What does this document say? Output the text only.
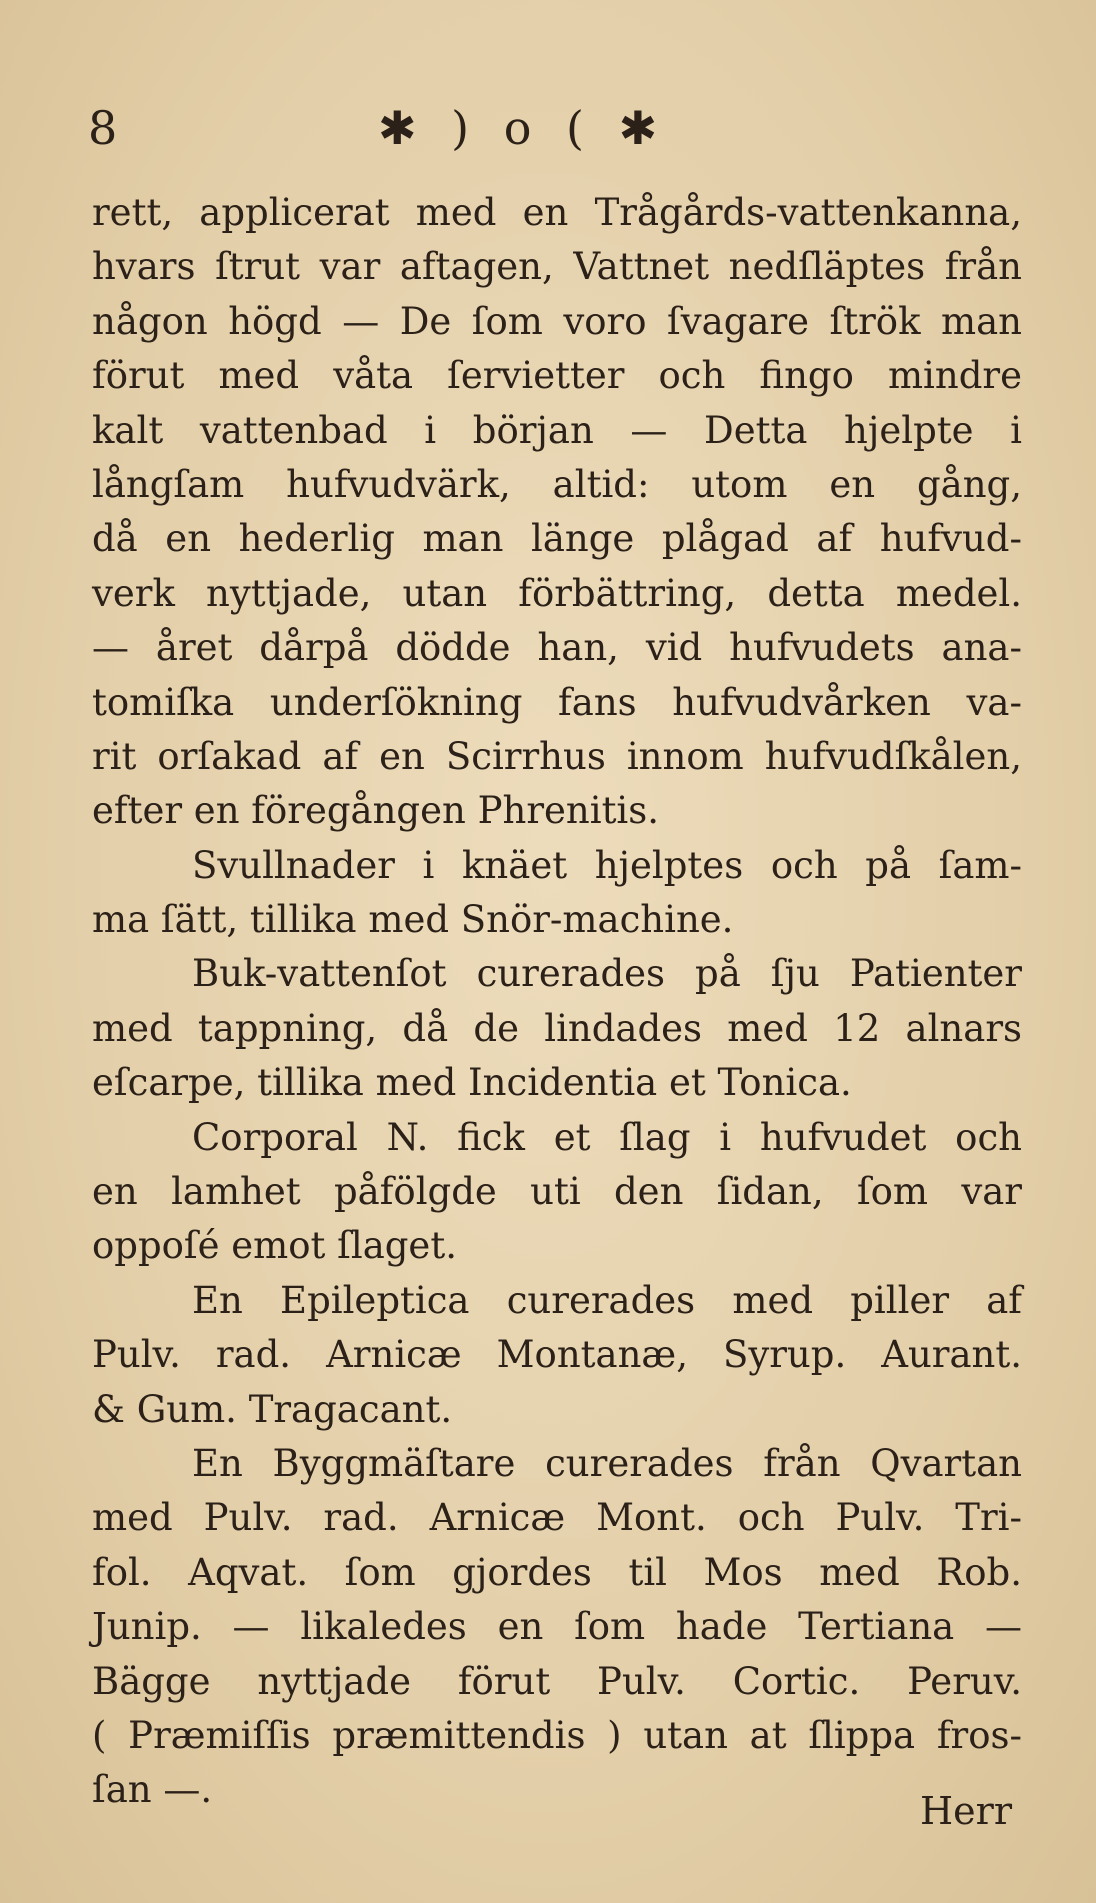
8	✱ ) o ( ✱
rett, applicerat med en Trågårds-vattenkanna,
hvars ſtrut var aftagen, Vattnet nedſläptes från
någon högd — De ſom voro ſvagare ſtrök man
förut med våta ſervietter och fingo mindre
kalt vattenbad i början — Detta hjelpte i
långſam hufvudvärk, altid: utom en gång,
då en hederlig man länge plågad af hufvud-
verk nyttjade, utan förbättring, detta medel.
— året dårpå dödde han, vid hufvudets ana-
tomiſka underſökning fans hufvudvårken va-
rit orſakad af en Scirrhus innom hufvudſkålen,
efter en föregången Phrenitis.
Svullnader i knäet hjelptes och på ſam-
ma ſätt, tillika med Snör-machine.
Buk-vattenſot curerades på ſju Patienter
med tappning, då de lindades med 12 alnars
eſcarpe, tillika med Incidentia et Tonica.
Corporal N. fick et ſlag i hufvudet och
en lamhet påfölgde uti den ſidan, ſom var
oppoſé emot ſlaget.
En Epileptica curerades med piller af
Pulv. rad. Arnicæ Montanæ, Syrup. Aurant.
& Gum. Tragacant.
En Byggmäſtare curerades från Qvartan
med Pulv. rad. Arnicæ Mont. och Pulv. Tri-
fol. Aqvat. ſom gjordes til Mos med Rob.
Junip. — likaledes en ſom hade Tertiana —
Bägge nyttjade förut Pulv. Cortic. Peruv.
( Præmiſſis præmittendis ) utan at ſlippa fros-
ſan —.	Herr
